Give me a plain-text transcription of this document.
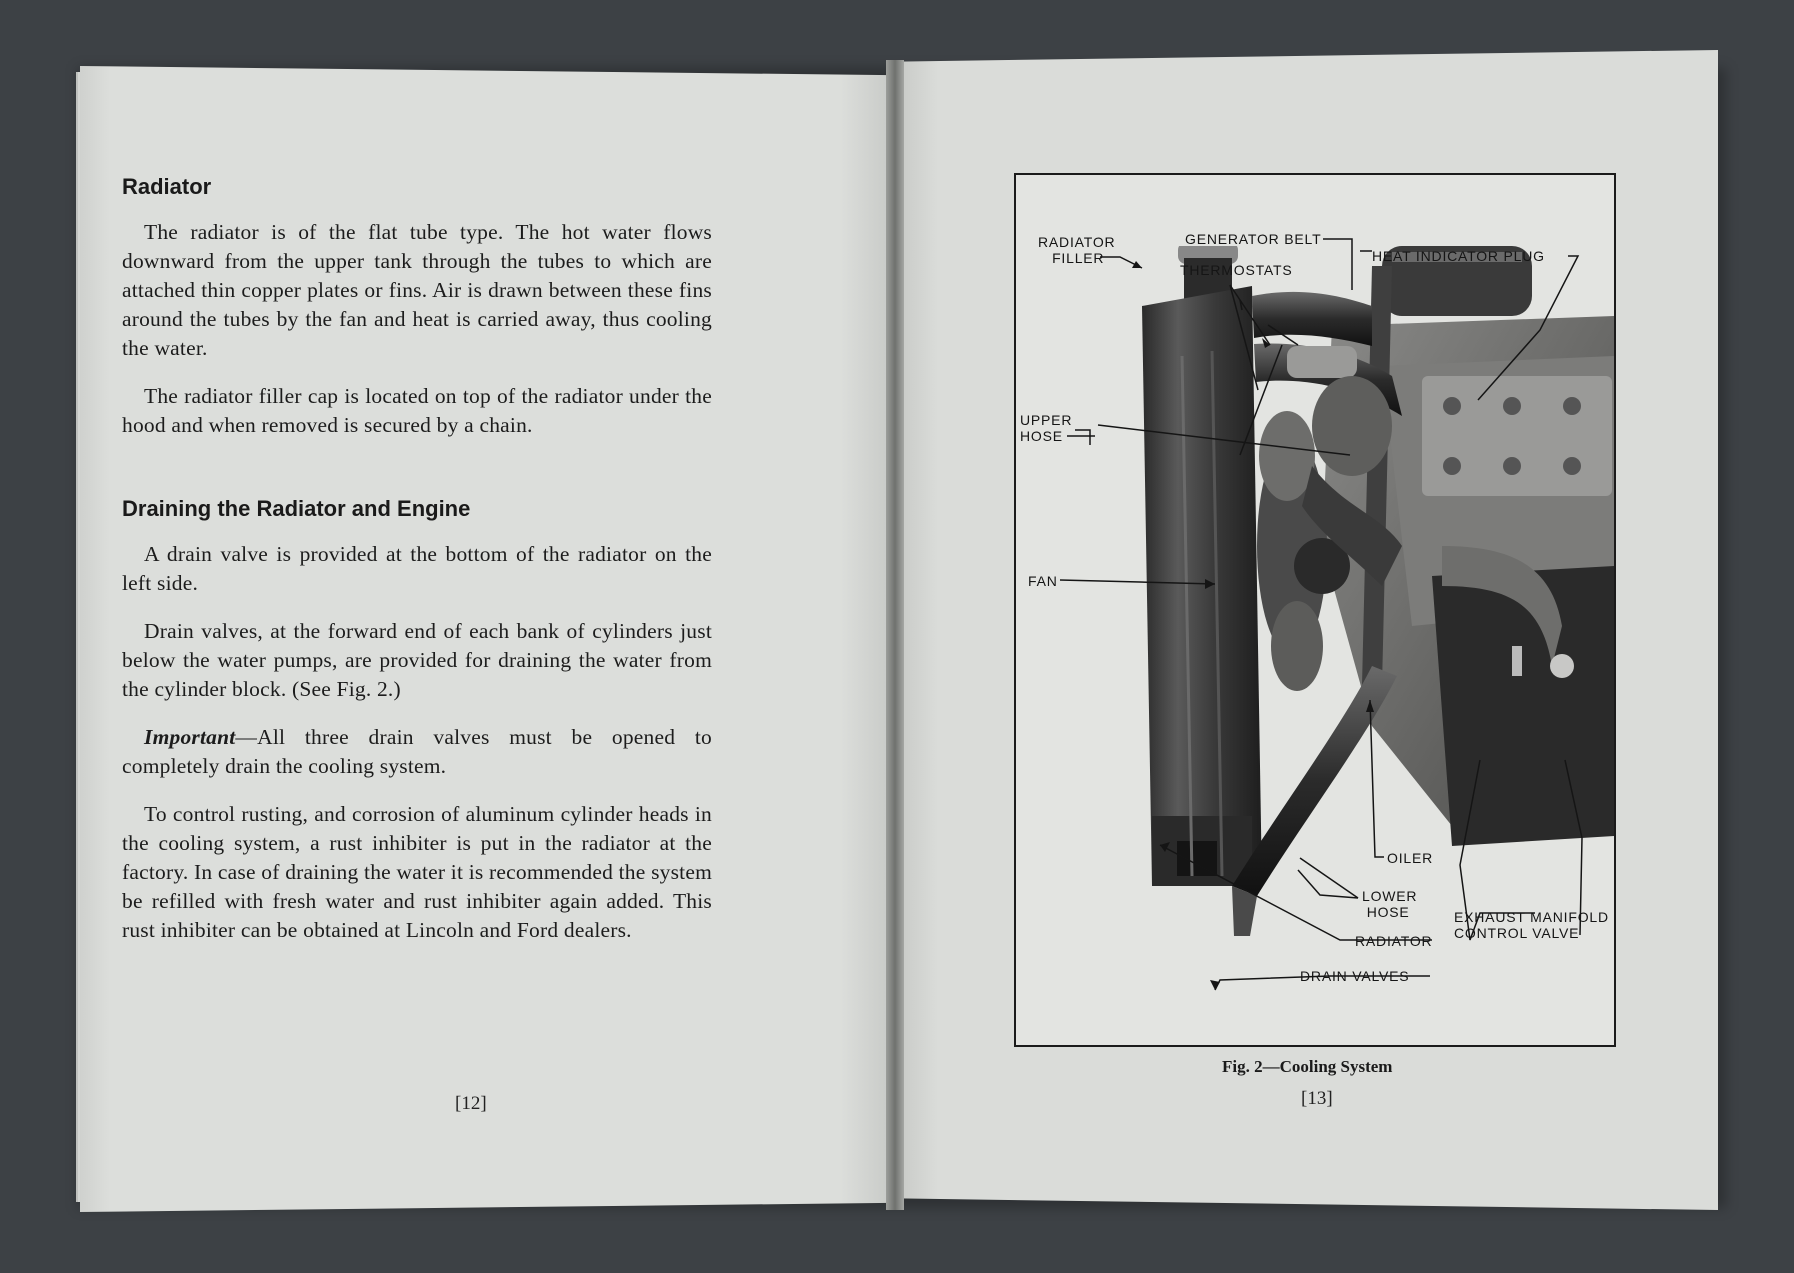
Radiator

The radiator is of the flat tube type. The hot water flows downward from the upper tank through the tubes to which are attached thin copper plates or fins. Air is drawn between these fins around the tubes by the fan and heat is carried away, thus cooling the water.

The radiator filler cap is located on top of the radiator under the hood and when removed is secured by a chain.

Draining the Radiator and Engine

A drain valve is provided at the bottom of the radiator on the left side.

Drain valves, at the forward end of each bank of cylinders just below the water pumps, are provided for draining the water from the cylinder block. (See Fig. 2.)

Important—All three drain valves must be opened to completely drain the cooling system.

To control rusting, and corrosion of aluminum cylinder heads in the cooling system, a rust inhibiter is put in the radiator at the factory. In case of draining the water it is recommended the system be refilled with fresh water and rust inhibiter again added. This rust inhibiter can be obtained at Lincoln and Ford dealers.

[12]
RADIATOR
FILLER
GENERATOR BELT
HEAT INDICATOR PLUG
THERMOSTATS
UPPER
HOSE
FAN
OILER
LOWER
HOSE
RADIATOR
EXHAUST MANIFOLD
CONTROL VALVE
DRAIN VALVES
Fig. 2—Cooling System
[13]
